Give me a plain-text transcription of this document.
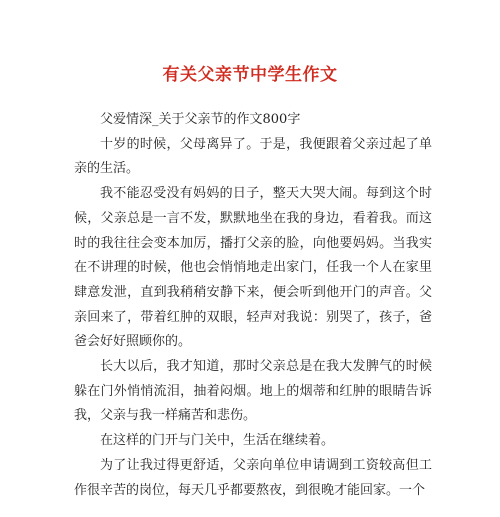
有关父亲节中学生作文

父爱情深_关于父亲节的作文800字

十岁的时候，父母离异了。于是，我便跟着父亲过起了单亲的生活。

我不能忍受没有妈妈的日子，整天大哭大闹。每到这个时候，父亲总是一言不发，默默地坐在我的身边，看着我。而这时的我往往会变本加厉，播打父亲的脸，向他要妈妈。当我实在不讲理的时候，他也会悄悄地走出家门，任我一个人在家里肆意发泄，直到我稍稍安静下来，便会听到他开门的声音。父亲回来了，带着红肿的双眼，轻声对我说：别哭了，孩子，爸爸会好好照顾你的。

长大以后，我才知道，那时父亲总是在我大发脾气的时候躲在门外悄悄流泪，抽着闷烟。地上的烟蒂和红肿的眼睛告诉我，父亲与我一样痛苦和悲伤。

在这样的门开与门关中，生活在继续着。

为了让我过得更舒适，父亲向单位申请调到工资较高但工作很辛苦的岗位，每天几乎都要熬夜，到很晚才能回家。一个
